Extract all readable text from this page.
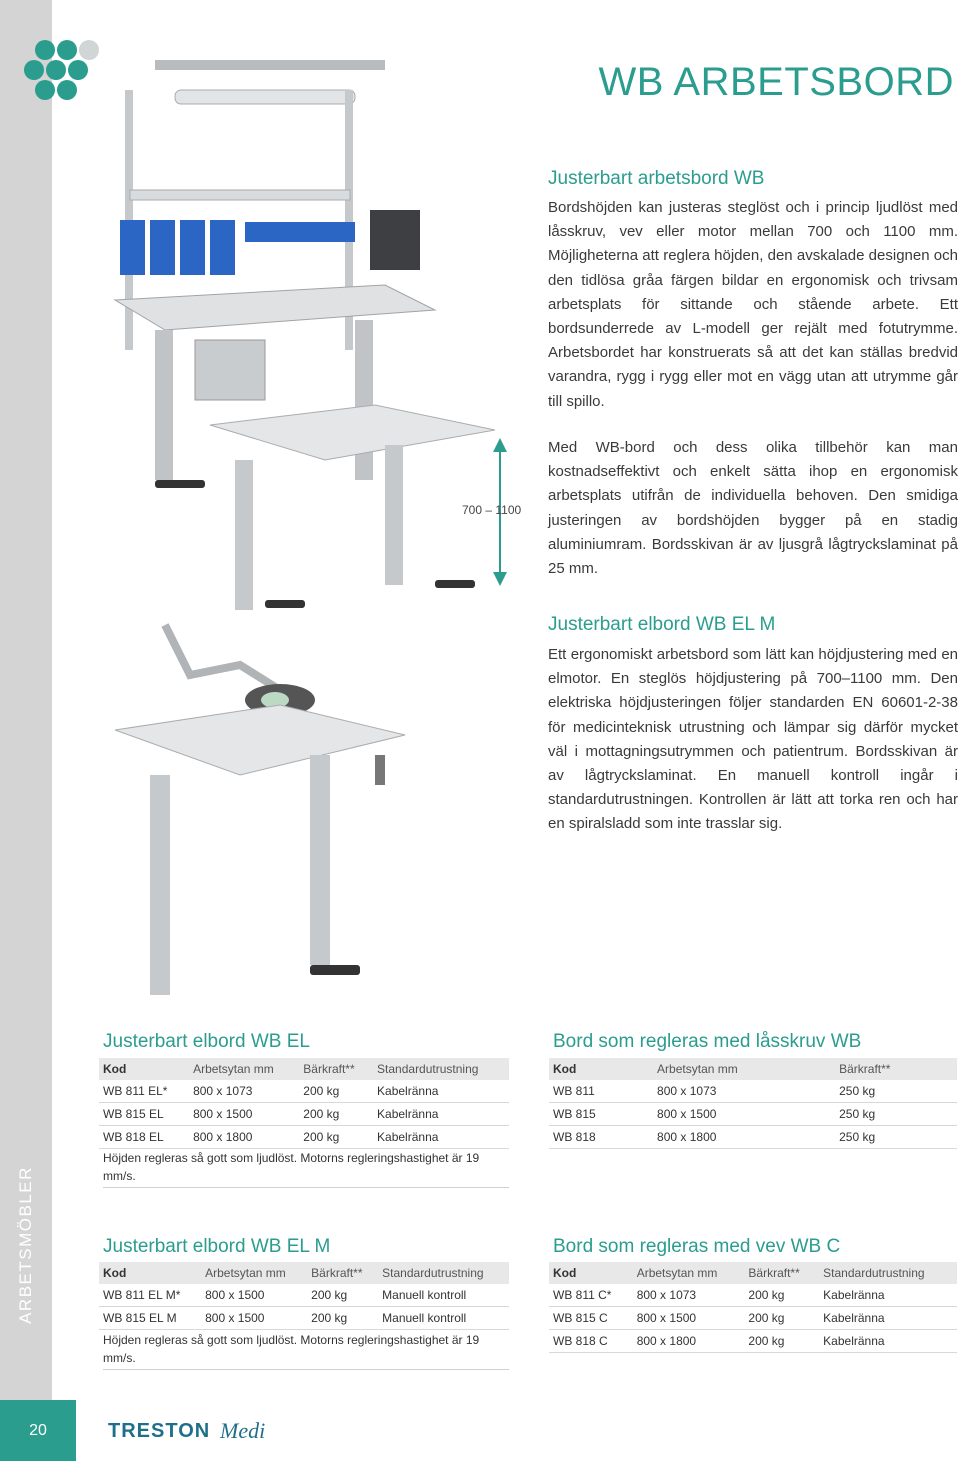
ARBETSMÖBLER
20
WB ARBETSBORD
700 – 1100
Justerbart arbetsbord WB
Bordshöjden kan justeras steglöst och i princip ljudlöst med låsskruv, vev eller motor mellan 700 och 1100 mm. Möjligheterna att reglera höjden, den avskalade designen och den tidlösa gråa färgen bildar en ergonomisk och trivsam arbetsplats för sittande och stående arbete. Ett bordsunderrede av L-modell ger rejält med fotutrymme. Arbetsbordet har konstruerats så att det kan ställas bredvid varandra, rygg i rygg eller mot en vägg utan att utrymme går till spillo.
Med WB-bord och dess olika tillbehör kan man kostnadseffektivt och enkelt sätta ihop en ergonomisk arbetsplats utifrån de individuella behoven. Den smidiga justeringen av bordshöjden bygger på en stadig aluminiumram. Bordsskivan är av ljusgrå lågtryckslaminat på 25 mm.
Justerbart elbord WB EL M
Ett ergonomiskt arbetsbord som lätt kan höjdjustering med en elmotor. En steglös höjdjustering på 700–1100 mm. Den elektriska höjdjusteringen följer standarden EN 60601-2-38 för medicinteknisk utrustning och lämpar sig därför mycket väl i mottagningsutrymmen och patientrum. Bordsskivan är av lågtryckslaminat. En manuell kontroll ingår i standardutrustningen. Kontrollen är lätt att torka ren och har en spiralsladd som inte trasslar sig.
Justerbart elbord WB EL
Kod	Arbetsytan mm	Bärkraft**	Standardutrustning
WB 811 EL*	800 x 1073	200 kg	Kabelränna
WB 815 EL	800 x 1500	200 kg	Kabelränna
WB 818 EL	800 x 1800	200 kg	Kabelränna
Höjden regleras så gott som ljudlöst. Motorns regleringshastighet är 19 mm/s.
Bord som regleras med låsskruv WB
Kod	Arbetsytan mm	Bärkraft**
WB 811	800 x 1073	250 kg
WB 815	800 x 1500	250 kg
WB 818	800 x 1800	250 kg
Justerbart elbord WB EL M
Kod	Arbetsytan mm	Bärkraft**	Standardutrustning
WB 811 EL M*	800 x 1500	200 kg	Manuell kontroll
WB 815 EL M	800 x 1500	200 kg	Manuell kontroll
Höjden regleras så gott som ljudlöst. Motorns regleringshastighet är 19 mm/s.
Bord som regleras med vev WB C
Kod	Arbetsytan mm	Bärkraft**	Standardutrustning
WB 811 C*	800 x 1073	200 kg	Kabelränna
WB 815 C	800 x 1500	200 kg	Kabelränna
WB 818 C	800 x 1800	200 kg	Kabelränna
TRESTON Medi
